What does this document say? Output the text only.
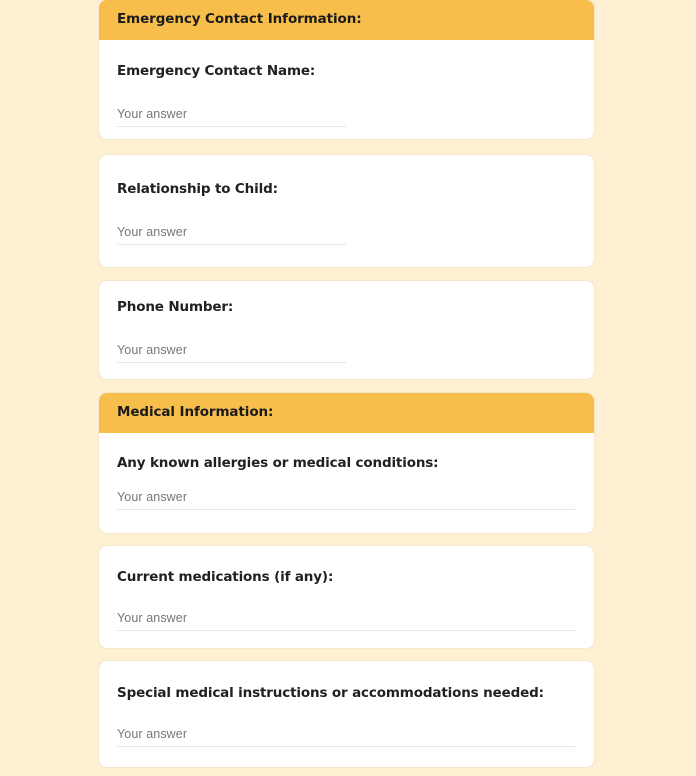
Emergency Contact Information:
Emergency Contact Name:
Your answer
Relationship to Child:
Your answer
Phone Number:
Your answer
Medical Information:
Any known allergies or medical conditions:
Your answer
Current medications (if any):
Your answer
Special medical instructions or accommodations needed:
Your answer
